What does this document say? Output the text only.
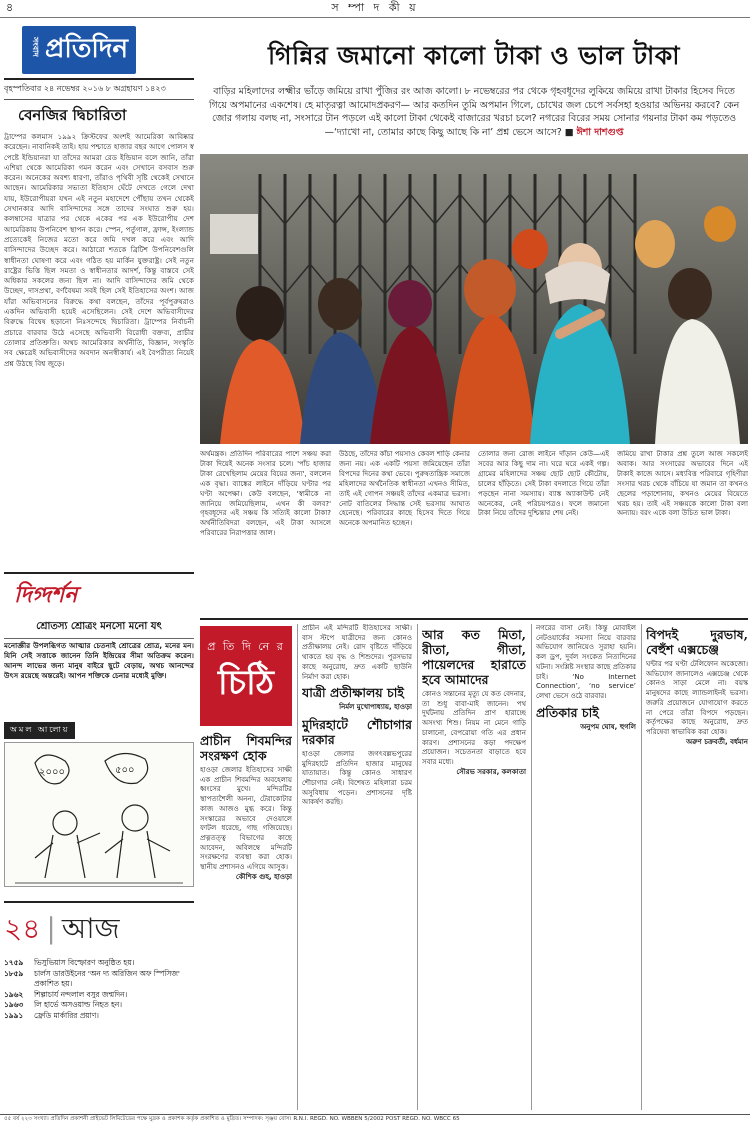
৪	স ম্পা দ কী য়
সংবাদ প্রতিদিন
বৃহস্পতিবার ২৪ নভেম্বর ২০১৬ ৮ অগ্রহায়ণ ১৪২৩
বেনজির দ্বিচারিতা
ট্রাম্পের কলমাস ১৯৯২ ক্রিস্টফের অংশই আমেরিকা আবিষ্কার করেছেন। নাবানিকই তাই। হায় পশ্চাতে হাজার বছর আগে পোলস স্ব পেষ্টে ইন্ডিয়ানরা যা তাঁদের আমরা রেড ইন্ডিয়ান বলে জানি, তাঁরা এশিয়া থেকে আমেরিকা গমন করেন এবং সেখানে বসবাস শুরু করেন। অনেকের অবশ্য ধারণা, তাঁরাও পৃথিবী সৃষ্টি থেকেই সেখানে আছেন। আমেরিকার সভ্যতা ইতিহাস ঘেঁটে দেখতে গেলে দেখা যায়, ইউরোপীয়রা যখন এই নতুন মহাদেশে পৌঁছায় তখন থেকেই সেখানকার আদি বাসিন্দাদের সঙ্গে তাদের সংঘাত শুরু হয়। কলম্বাসের যাত্রার পর থেকে একের পর এক ইউরোপীয় দেশ আমেরিকায় উপনিবেশ স্থাপন করে। স্পেন, পর্তুগাল, ফ্রান্স, ইংল্যান্ড প্রত্যেকেই নিজের মতো করে জমি দখল করে এবং আদি বাসিন্দাদের উচ্ছেদ করে। আঠারো শতকে ব্রিটিশ উপনিবেশগুলি স্বাধীনতা ঘোষণা করে এবং গঠিত হয় মার্কিন যুক্তরাষ্ট্র। সেই নতুন রাষ্ট্রের ভিত্তি ছিল সমতা ও স্বাধীনতার আদর্শ, কিন্তু বাস্তবে সেই অধিকার সকলের জন্য ছিল না। আদি বাসিন্দাদের জমি থেকে উচ্ছেদ, দাসপ্রথা, বর্ণবৈষম্য সবই ছিল সেই ইতিহাসের অংশ। আজ যাঁরা অভিবাসনের বিরুদ্ধে কথা বলছেন, তাঁদের পূর্বপুরুষরাও একদিন অভিবাসী হয়েই এসেছিলেন। সেই দেশে অভিবাসীদের বিরুদ্ধে বিদ্বেষ ছড়ানো নিঃসন্দেহে দ্বিচারিতা। ট্রাম্পের নির্বাচনী প্রচারে বারবার উঠে এসেছে অভিবাসী বিরোধী বক্তব্য, প্রাচীর তোলার প্রতিশ্রুতি। অথচ আমেরিকার অর্থনীতি, বিজ্ঞান, সংস্কৃতি সব ক্ষেত্রেই অভিবাসীদের অবদান অনস্বীকার্য। এই বৈপরীত্য নিয়েই প্রশ্ন উঠছে বিশ্ব জুড়ে।
দিগ্দর্শন
শ্রোতস্য শ্রোত্রং মনসো মনো যৎ
মনোজ্ঞীর উপলব্ধিগত আত্মার চেতনাই শ্রোত্রের শ্রোত্র, মনের মন। যিনি সেই সত্তাকে জানেন তিনি ইন্দ্রিয়ের সীমা অতিক্রম করেন। আনন্দ লাভের জন্য মানুষ বাইরে ছুটে বেড়ায়, অথচ আনন্দের উৎস রয়েছে অন্তরেই। আপন শক্তিকে চেনার মধ্যেই মুক্তি।
অমল আলোয়
২০০০	৫০০
২৪ | আজ
১৭৫৯	ভিসুভিয়াস বিস্ফোরণ অনুষ্ঠিত হয়।
১৮৫৯	চার্লস ডারউইনের 'অন দ্য অরিজিন অফ স্পিসিজ' প্রকাশিত হয়।
১৯৬২	শিল্পাচার্য নন্দলাল বসুর জন্মদিন।
১৯৬৩	লি হার্ভে অসওয়াল্ড নিহত হন।
১৯৯১	ফ্রেডি মার্কারির প্রয়াণ।
গিন্নির জমানো কালো টাকা ও ভাল টাকা

বাড়ির মহিলাদের লক্ষ্মীর ভাঁড়ে জমিয়ে রাখা পুঁজির রং আজ কালো। ৮ নভেম্বরের পর থেকে গৃহবধূদের লুকিয়ে জমিয়ে রাখা টাকার হিসেব দিতে গিয়ে অপমানের একশেষ। হে মাতৃরত্না আমোদপ্রকরণ— আর কতদিন তুমি অপমান গিলে, চোখের জল চেপে সর্বসহা হওয়ার অভিনয় করবে? কেন জোর গলায় বলছ না, সংসারে টান পড়লে এই কালো টাকা থেকেই বাজারের খরচা চলে? নগরের বিরের সময় সোনার গয়নার টাকা কম পড়তেও—‘দ্যাখো না, তোমার কাছে কিছু আছে কি না’ প্রশ্ন ভেসে আসে? ■ ঈশা দাশগুপ্ত

অর্থমন্ত্রক। প্রতিদিন পরিবারের পাশে সঞ্চয় করা টাকা দিয়েই অনেক সংসার চলে। 'পাঁচ হাজার টাকা রেখেছিলাম মেয়ের বিয়ের জন্য', বললেন এক বৃদ্ধা। ব্যাঙ্কের লাইনে দাঁড়িয়ে ঘণ্টার পর ঘণ্টা অপেক্ষা। কেউ বলছেন, 'স্বামীকে না জানিয়ে জমিয়েছিলাম, এখন কী বলব?' গৃহবধূদের এই সঞ্চয় কি সত্যিই কালো টাকা? অর্থনীতিবিদরা বলছেন, এই টাকা আসলে পরিবারের নিরাপত্তার জাল।
উঠছে, তাঁদের কাঁচা পয়সাও কেবল শাড়ি কেনার জন্য নয়। এক একটি পয়সা জমিয়েছেন তাঁরা বিপদের দিনের কথা ভেবে। পুরুষতান্ত্রিক সমাজে মহিলাদের অর্থনৈতিক স্বাধীনতা এখনও সীমিত, তাই এই গোপন সঞ্চয়ই তাঁদের একমাত্র ভরসা। নোট বাতিলের সিদ্ধান্ত সেই ভরসায় আঘাত হেনেছে। পরিবারের কাছে হিসেব দিতে গিয়ে অনেকে অপমানিত হচ্ছেন।
তোলার জন্য রোজ লাইনে দাঁড়ান কেউ—এই সবের আর কিছু দাম না। ঘরে ঘরে একই গল্প। গ্রামের মহিলাদের সঞ্চয় ছোট ছোট কৌটোয়, চালের হাঁড়িতে। সেই টাকা বদলাতে গিয়ে তাঁরা পড়ছেন নানা সমস্যায়। ব্যাঙ্ক অ্যাকাউন্ট নেই অনেকের, নেই পরিচয়পত্রও। ফলে জমানো টাকা নিয়ে তাঁদের দুশ্চিন্তার শেষ নেই।
জমিয়ে রাখা টাকার প্রশ্ন তুলে আজ সকলেই অবাক। আর সংসারের অভাবের দিনে এই টাকাই কাজে আসে। মধ্যবিত্ত পরিবারে গৃহিণীরা সংসার খরচ থেকে বাঁচিয়ে যা জমান তা কখনও ছেলের পড়াশোনায়, কখনও মেয়ের বিয়েতে খরচ হয়। তাই এই সঞ্চয়কে কালো টাকা বলা অন্যায়। বরং একে বলা উচিত ভাল টাকা।
প্র তি দি নে র
চিঠি
প্রাচীন শিবমন্দির সংরক্ষণ হোক
হাওড়া জেলার ইতিহাসের সাক্ষী এক প্রাচীন শিবমন্দির অবহেলায় ধ্বংসের মুখে। মন্দিরটির স্থাপত্যশৈলী অনন্য, টেরাকোটার কাজ আজও মুগ্ধ করে। কিন্তু সংস্কারের অভাবে দেওয়ালে ফাটল ধরেছে, গাছ গজিয়েছে। প্রত্নতত্ত্ব বিভাগের কাছে আবেদন, অবিলম্বে মন্দিরটি সংরক্ষণের ব্যবস্থা করা হোক। স্থানীয় প্রশাসনও এগিয়ে আসুক।
কৌশিক গুহ, হাওড়া
প্রাচীন এই মন্দিরটি ইতিহাসের সাক্ষী। বাস স্টপে যাত্রীদের জন্য কোনও প্রতীক্ষালয় নেই। রোদ বৃষ্টিতে দাঁড়িয়ে থাকতে হয় বৃদ্ধ ও শিশুদের। পুরসভার কাছে অনুরোধ, দ্রুত একটি ছাউনি নির্মাণ করা হোক।
যাত্রী প্রতীক্ষালয় চাই
নির্মল মুখোপাধ্যায়, হাওড়া
মুদিরহাটে শৌচাগার দরকার
হাওড়া জেলার জগৎবল্লভপুরের মুদিরহাটে প্রতিদিন হাজার মানুষের যাতায়াত। কিন্তু কোনও সাধারণ শৌচাগার নেই। বিশেষত মহিলারা চরম অসুবিধায় পড়েন। প্রশাসনের দৃষ্টি আকর্ষণ করছি।
আর কত মিতা, রীতা, গীতা, পায়েলদের হারাতে হবে আমাদের
কোনও সন্তানের মৃত্যু যে কত বেদনার, তা শুধু বাবা-মাই জানেন। পথ দুর্ঘটনায় প্রতিদিন প্রাণ হারাচ্ছে অসংখ্য শিশু। নিয়ম না মেনে গাড়ি চালানো, বেপরোয়া গতি এর প্রধান কারণ। প্রশাসনের কড়া পদক্ষেপ প্রয়োজন। সচেতনতা বাড়াতে হবে সবার মধ্যে।
সৌরভ সরকার, কলকাতা
নগরের বাসা নেই। কিন্তু মোবাইল নেটওয়ার্কের সমস্যা নিয়ে বারবার অভিযোগ জানিয়েও সুরাহা হয়নি। কল ড্রপ, দুর্বল সংকেত নিত্যদিনের ঘটনা। সংশ্লিষ্ট সংস্থার কাছে প্রতিকার চাই। ‘No Internet Connection’, ‘no service’ লেখা ভেসে ওঠে বারবার।
প্রতিকার চাই
অনুপম ঘোষ, হুগলি
বিপদই দুরভাষ, বেহুঁশ এক্সচেঞ্জ
ঘন্টার পর ঘণ্টা টেলিফোন অকেজো। অভিযোগ জানালেও এক্সচেঞ্জ থেকে কোনও সাড়া মেলে না। বয়স্ক মানুষদের কাছে ল্যান্ডলাইনই ভরসা। জরুরি প্রয়োজনে যোগাযোগ করতে না পেরে তাঁরা বিপদে পড়ছেন। কর্তৃপক্ষের কাছে অনুরোধ, দ্রুত পরিষেবা স্বাভাবিক করা হোক।
অরুণ চক্রবর্তী, বর্ধমান
৫৫ বর্ষ ২২৩ সংখ্যা। প্রতিদিন প্রকাশনী প্রাইভেট লিমিটেডের পক্ষে মুদ্রক ও প্রকাশক কর্তৃক প্রকাশিত ও মুদ্রিত। সম্পাদক: সৃঞ্জয় বোস। R.N.I. REGD. NO. WBBEN 5/2002 POST REGD. NO. WBCC 65
